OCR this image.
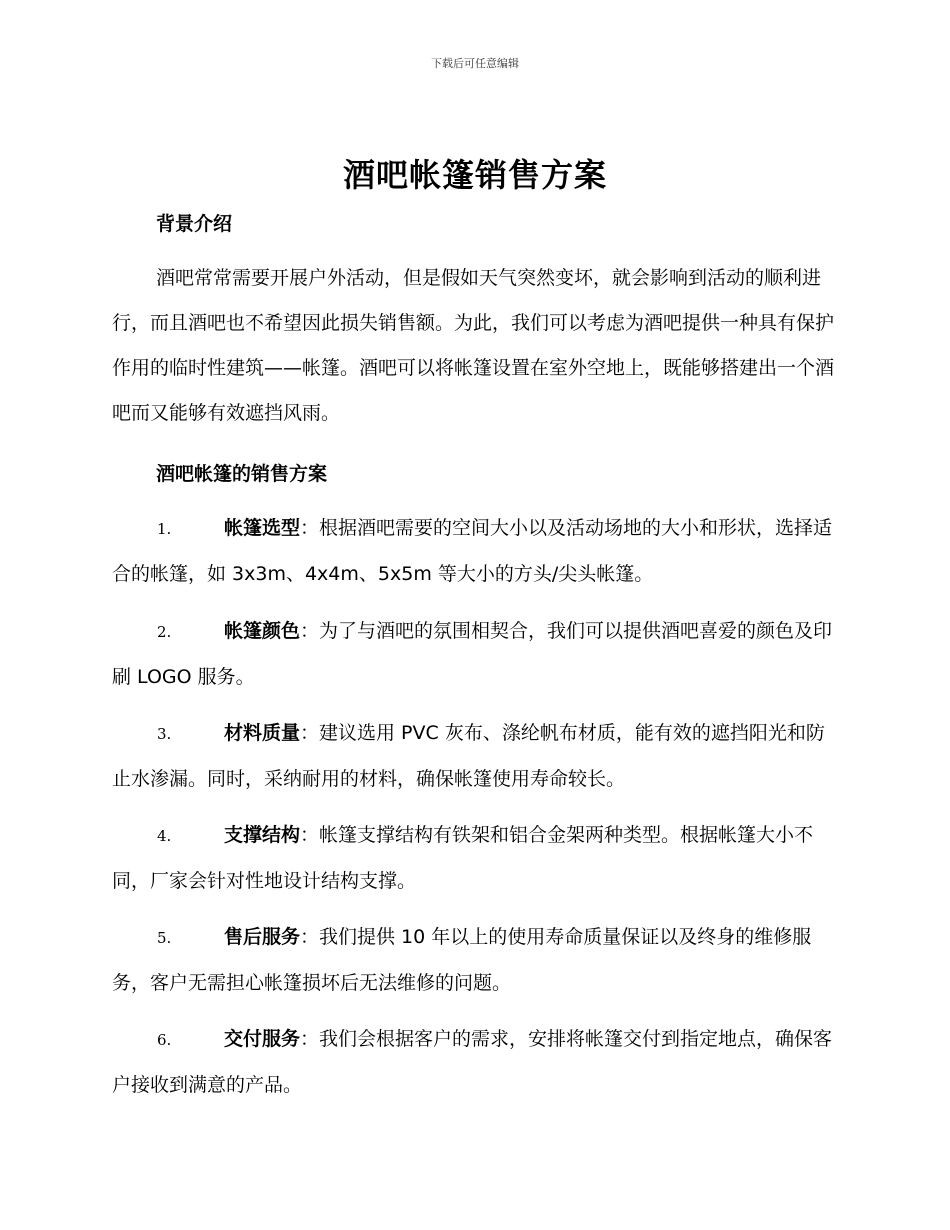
下载后可任意编辑
酒吧帐篷销售方案
背景介绍

酒吧常常需要开展户外活动，但是假如天气突然变坏，就会影响到活动的顺利进行，而且酒吧也不希望因此损失销售额。为此，我们可以考虑为酒吧提供一种具有保护作用的临时性建筑——帐篷。酒吧可以将帐篷设置在室外空地上，既能够搭建出一个酒吧而又能够有效遮挡风雨。

酒吧帐篷的销售方案

1.	帐篷选型：根据酒吧需要的空间大小以及活动场地的大小和形状，选择适合的帐篷，如 3x3m、4x4m、5x5m 等大小的方头/尖头帐篷。

2.	帐篷颜色：为了与酒吧的氛围相契合，我们可以提供酒吧喜爱的颜色及印刷 LOGO 服务。

3.	材料质量：建议选用 PVC 灰布、涤纶帆布材质，能有效的遮挡阳光和防止水渗漏。同时，采纳耐用的材料，确保帐篷使用寿命较长。

4.	支撑结构：帐篷支撑结构有铁架和铝合金架两种类型。根据帐篷大小不同，厂家会针对性地设计结构支撑。

5.	售后服务：我们提供 10 年以上的使用寿命质量保证以及终身的维修服务，客户无需担心帐篷损坏后无法维修的问题。

6.	交付服务：我们会根据客户的需求，安排将帐篷交付到指定地点，确保客户接收到满意的产品。
